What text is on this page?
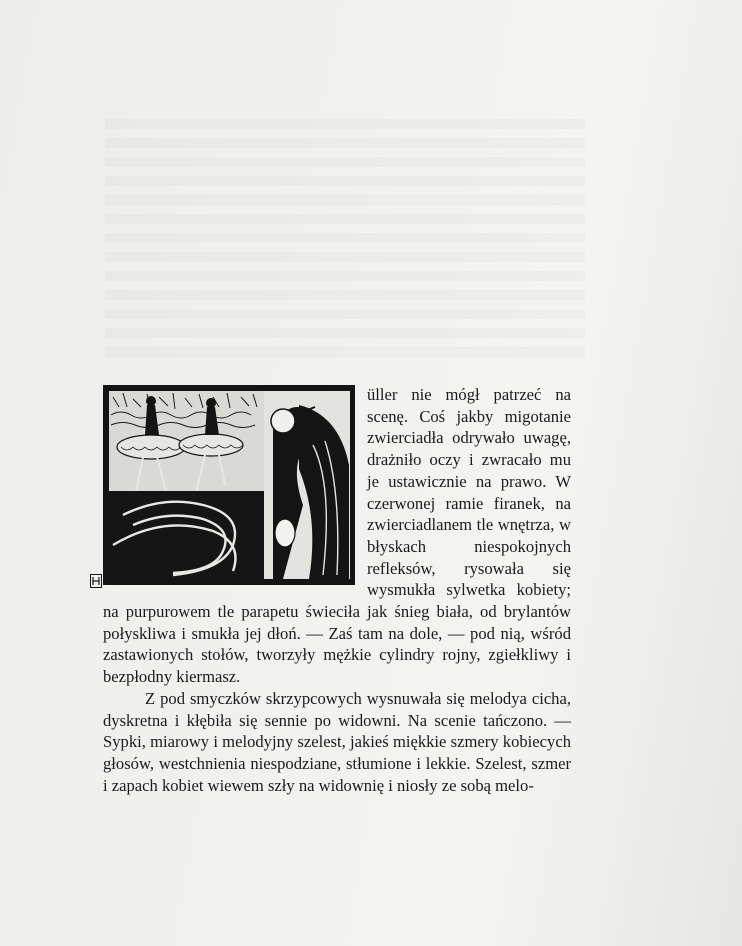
üller nie mógł patrzeć na scenę. Coś jakby migotanie zwierciadła odrywało uwagę, drażniło oczy i zwracało mu je ustawicznie na prawo. W czerwonej ramie firanek, na zwierciadlanem tle wnętrza, w błyskach niespokojnych refleksów, rysowała się wysmukła sylwetka kobiety; na purpurowem tle parapetu świeciła jak śnieg biała, od brylantów połyskliwa i smukła jej dłoń. — Zaś tam na dole, — pod nią, wśród zastawionych stołów, tworzyły mężkie cylindry rojny, zgiełkliwy i bezpłodny kiermasz.

Z pod smyczków skrzypcowych wysnuwała się melodya cicha, dyskretna i kłębiła się sennie po widowni. Na scenie tańczono. — Sypki, miarowy i melodyjny szelest, jakieś miękkie szmery kobiecych głosów, westchnienia niespodziane, stłumione i lekkie. Szelest, szmer i zapach kobiet wiewem szły na widownię i niosły ze sobą melo-
